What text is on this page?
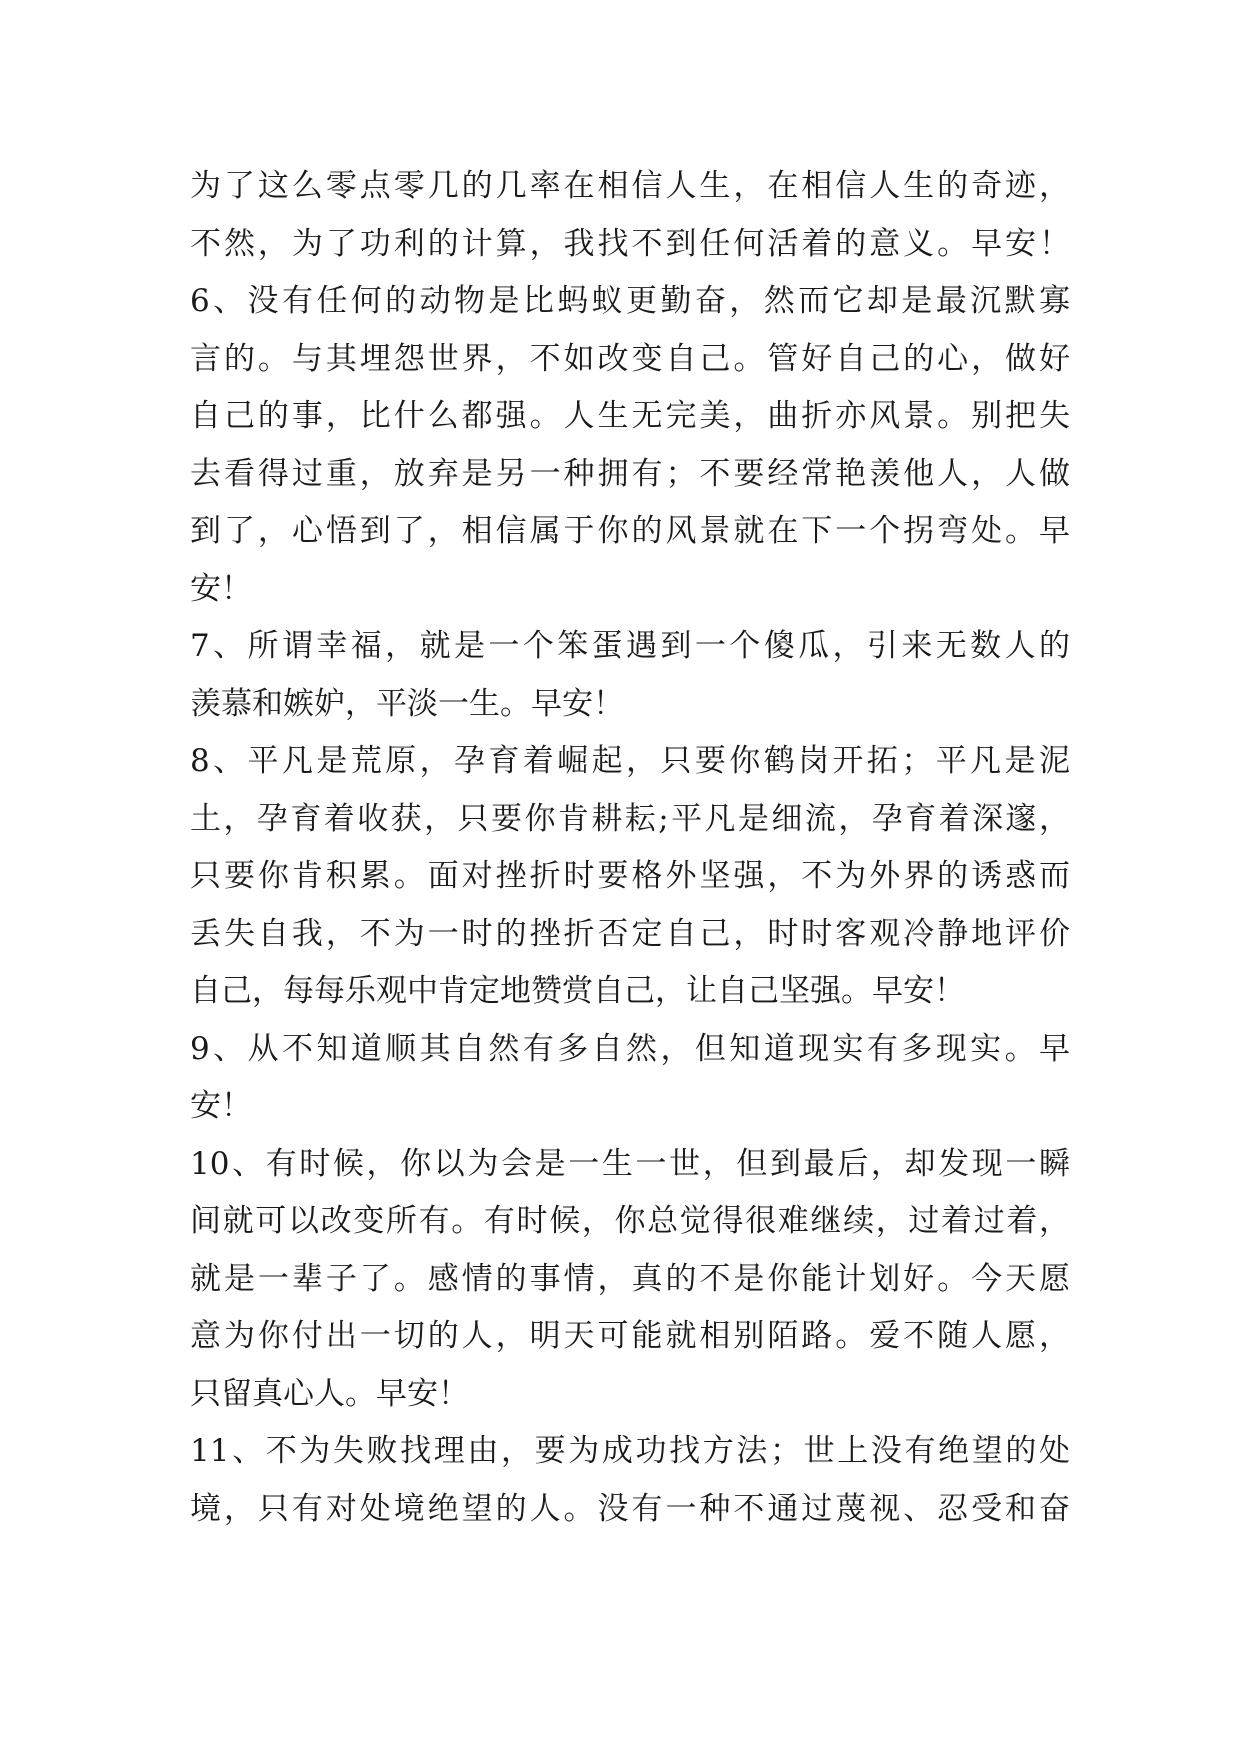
为了这么零点零几的几率在相信人生，在相信人生的奇迹，
不然，为了功利的计算，我找不到任何活着的意义。早安！
6、没有任何的动物是比蚂蚁更勤奋，然而它却是最沉默寡
言的。与其埋怨世界，不如改变自己。管好自己的心，做好
自己的事，比什么都强。人生无完美，曲折亦风景。别把失
去看得过重，放弃是另一种拥有；不要经常艳羡他人，人做
到了，心悟到了，相信属于你的风景就在下一个拐弯处。早
安！
7、所谓幸福，就是一个笨蛋遇到一个傻瓜，引来无数人的
羡慕和嫉妒，平淡一生。早安！
8、平凡是荒原，孕育着崛起，只要你鹤岗开拓；平凡是泥
土，孕育着收获，只要你肯耕耘;平凡是细流，孕育着深邃，
只要你肯积累。面对挫折时要格外坚强，不为外界的诱惑而
丢失自我，不为一时的挫折否定自己，时时客观冷静地评价
自己，每每乐观中肯定地赞赏自己，让自己坚强。早安！
9、从不知道顺其自然有多自然，但知道现实有多现实。早
安！
10、有时候，你以为会是一生一世，但到最后，却发现一瞬
间就可以改变所有。有时候，你总觉得很难继续，过着过着，
就是一辈子了。感情的事情，真的不是你能计划好。今天愿
意为你付出一切的人，明天可能就相别陌路。爱不随人愿，
只留真心人。早安！
11、不为失败找理由，要为成功找方法；世上没有绝望的处
境，只有对处境绝望的人。没有一种不通过蔑视、忍受和奋
